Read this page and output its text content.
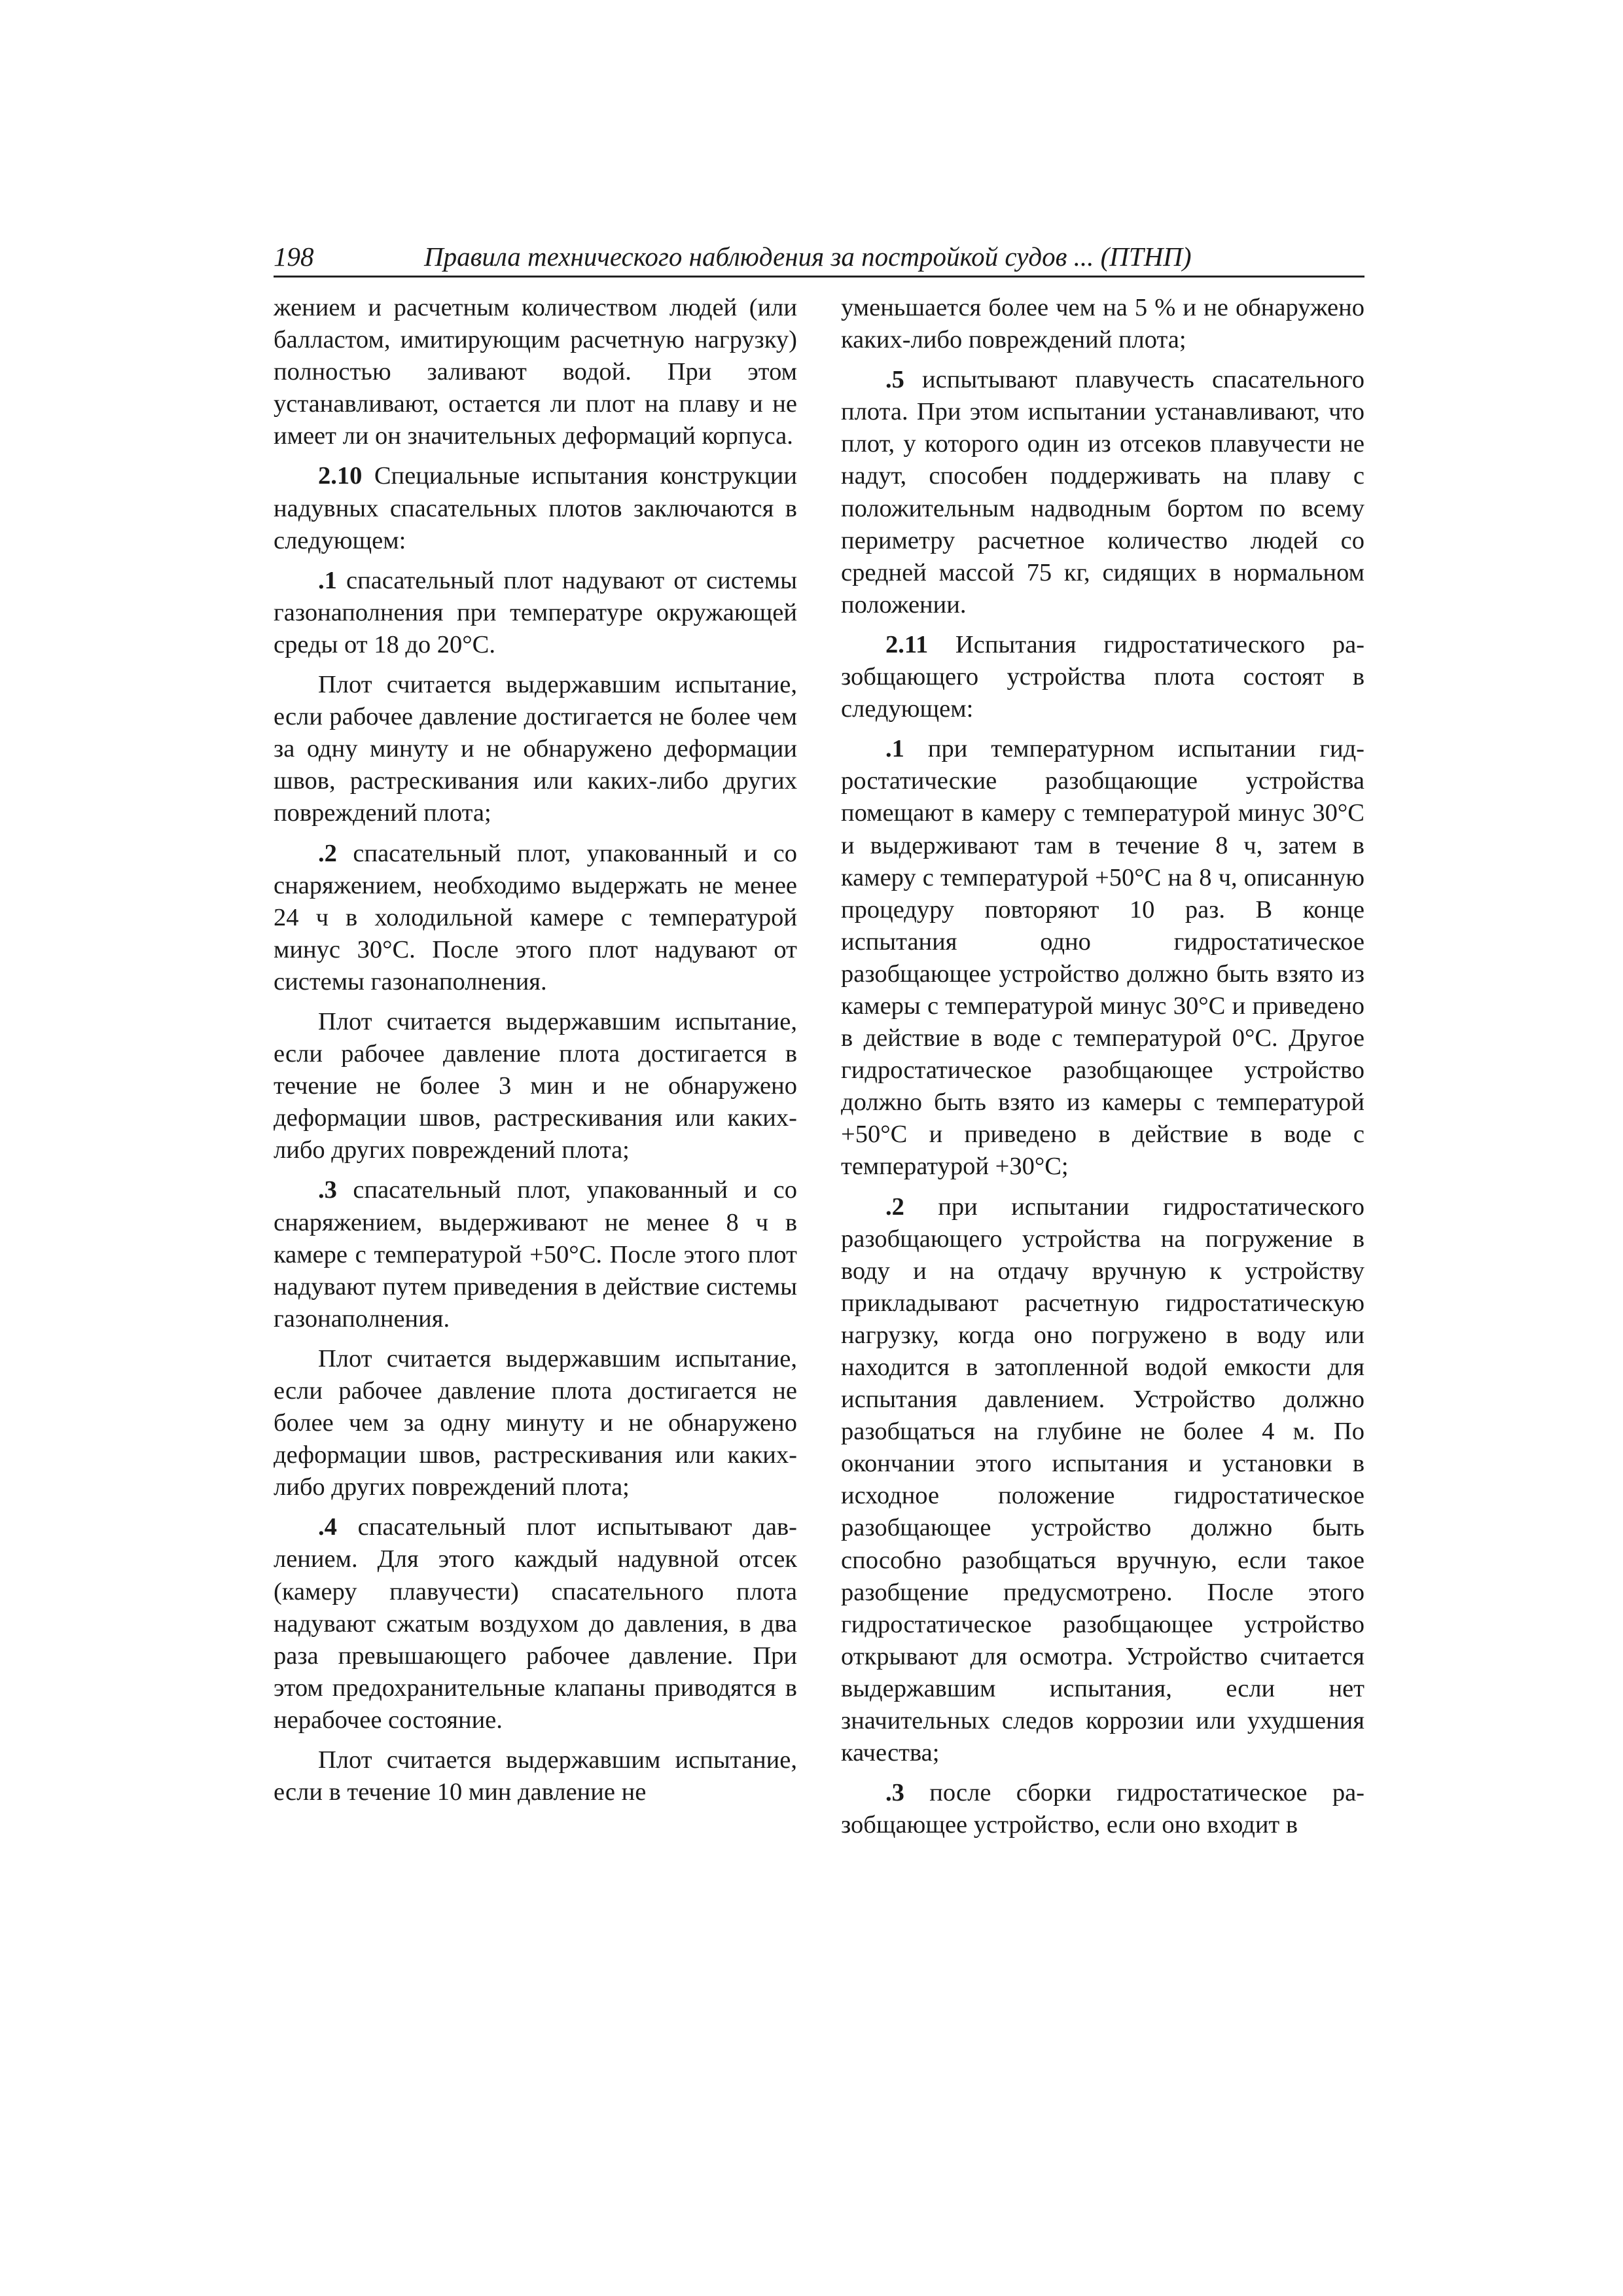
198	Правила технического наблюдения за постройкой судов ... (ПТНП)

жением и расчетным количеством людей (или балластом, имитирующим расчетную нагрузку) полностью заливают водой. При этом устанавливают, остается ли плот на плаву и не имеет ли он значительных деформаций корпуса.

2.10 Специальные испытания конструкции надувных спасательных плотов заключаются в следующем:

.1 спасательный плот надувают от системы газонаполнения при температуре окружающей среды от 18 до 20°С.

Плот считается выдержавшим испытание, если рабочее давление достигается не более чем за одну минуту и не обнаружено деформации швов, растрескивания или каких-либо других повреждений плота;

.2 спасательный плот, упакованный и со снаряжением, необходимо выдержать не менее 24 ч в холодильной камере с температурой минус 30°С. После этого плот надувают от системы газонаполнения.

Плот считается выдержавшим испытание, если рабочее давление плота достигается в течение не более 3 мин и не обнаружено деформации швов, растрескивания или каких-либо других повреждений плота;

.3 спасательный плот, упакованный и со снаряжением, выдерживают не менее 8 ч в камере с температурой +50°С. После этого плот надувают путем приведения в действие системы газонаполнения.

Плот считается выдержавшим испытание, если рабочее давление плота достигается не более чем за одну минуту и не обнаружено деформации швов, растрескивания или каких-либо других повреждений плота;

.4 спасательный плот испытывают давлением. Для этого каждый надувной отсек (камеру плавучести) спасательного плота надувают сжатым воздухом до давления, в два раза превышающего рабочее давление. При этом предохранительные клапаны приводятся в нерабочее состояние.

Плот считается выдержавшим испытание, если в течение 10 мин давление не

уменьшается более чем на 5 % и не обнаружено каких-либо повреждений плота;

.5 испытывают плавучесть спасательного плота. При этом испытании устанавливают, что плот, у которого один из отсеков плавучести не надут, способен поддерживать на плаву с положительным надводным бортом по всему периметру расчетное количество людей со средней массой 75 кг, сидящих в нормальном положении.

2.11 Испытания гидростатического разобщающего устройства плота состоят в следующем:

.1 при температурном испытании гидростатические разобщающие устройства помещают в камеру с температурой минус 30°С и выдерживают там в течение 8 ч, затем в камеру с температурой +50°С на 8 ч, описанную процедуру повторяют 10 раз. В конце испытания одно гидростатическое разобщающее устройство должно быть взято из камеры с температурой минус 30°С и приведено в действие в воде с температурой 0°С. Другое гидростатическое разобщающее устройство должно быть взято из камеры с температурой +50°С и приведено в действие в воде с температурой +30°С;

.2 при испытании гидростатического разобщающего устройства на погружение в воду и на отдачу вручную к устройству прикладывают расчетную гидростатическую нагрузку, когда оно погружено в воду или находится в затопленной водой емкости для испытания давлением. Устройство должно разобщаться на глубине не более 4 м. По окончании этого испытания и установки в исходное положение гидростатическое разобщающее устройство должно быть способно разобщаться вручную, если такое разобщение предусмотрено. После этого гидростатическое разобщающее устройство открывают для осмотра. Устройство считается выдержавшим испытания, если нет значительных следов коррозии или ухудшения качества;

.3 после сборки гидростатическое разобщающее устройство, если оно входит в
